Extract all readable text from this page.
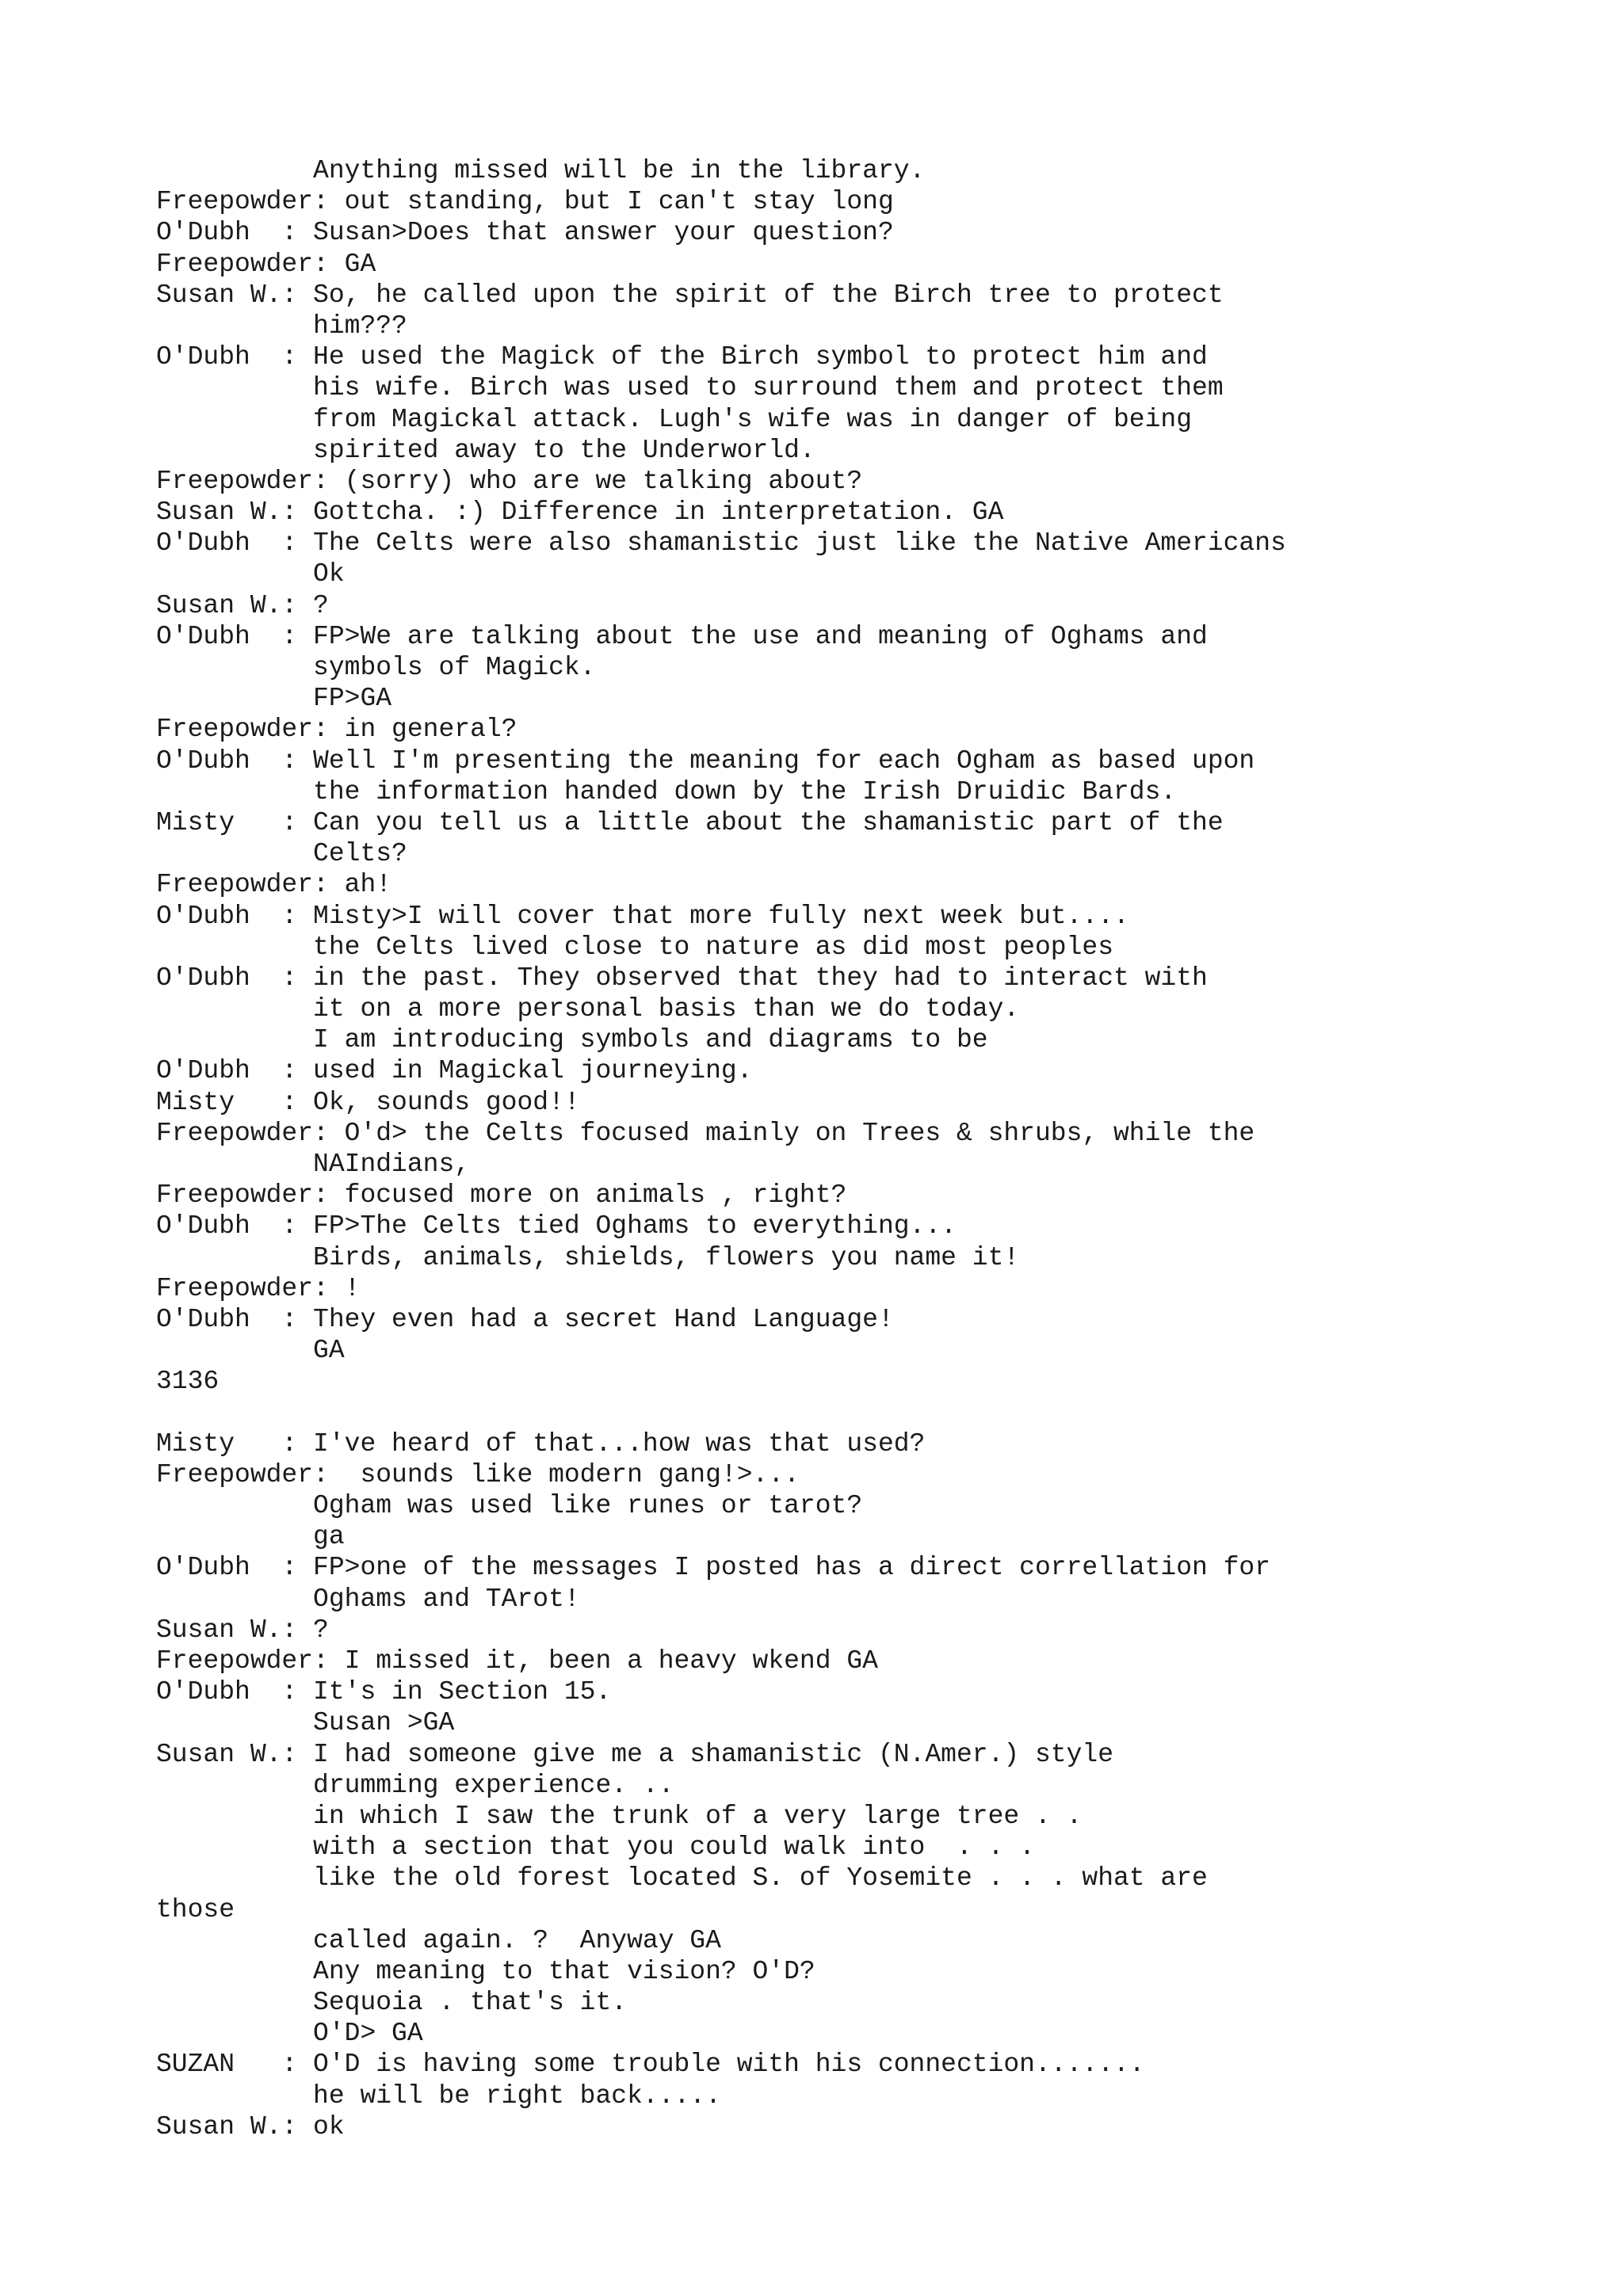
Anything missed will be in the library.
Freepowder: out standing, but I can't stay long
O'Dubh  : Susan>Does that answer your question?
Freepowder: GA
Susan W.: So, he called upon the spirit of the Birch tree to protect
him???
O'Dubh  : He used the Magick of the Birch symbol to protect him and
his wife. Birch was used to surround them and protect them
from Magickal attack. Lugh's wife was in danger of being
spirited away to the Underworld.
Freepowder: (sorry) who are we talking about?
Susan W.: Gottcha. :) Difference in interpretation. GA
O'Dubh  : The Celts were also shamanistic just like the Native Americans
Ok
Susan W.: ?
O'Dubh  : FP>We are talking about the use and meaning of Oghams and
symbols of Magick.
FP>GA
Freepowder: in general?
O'Dubh  : Well I'm presenting the meaning for each Ogham as based upon
the information handed down by the Irish Druidic Bards.
Misty   : Can you tell us a little about the shamanistic part of the
Celts?
Freepowder: ah!
O'Dubh  : Misty>I will cover that more fully next week but....
the Celts lived close to nature as did most peoples
O'Dubh  : in the past. They observed that they had to interact with
it on a more personal basis than we do today.
I am introducing symbols and diagrams to be
O'Dubh  : used in Magickal journeying.
Misty   : Ok, sounds good!!
Freepowder: O'd> the Celts focused mainly on Trees & shrubs, while the
NAIndians,
Freepowder: focused more on animals , right?
O'Dubh  : FP>The Celts tied Oghams to everything...
Birds, animals, shields, flowers you name it!
Freepowder: !
O'Dubh  : They even had a secret Hand Language!
GA
3136
Misty   : I've heard of that...how was that used?
Freepowder:  sounds like modern gang!>...
Ogham was used like runes or tarot?
ga
O'Dubh  : FP>one of the messages I posted has a direct correllation for
Oghams and TArot!
Susan W.: ?
Freepowder: I missed it, been a heavy wkend GA
O'Dubh  : It's in Section 15.
Susan >GA
Susan W.: I had someone give me a shamanistic (N.Amer.) style
drumming experience. ..
in which I saw the trunk of a very large tree . .
with a section that you could walk into  . . .
like the old forest located S. of Yosemite . . . what are
those
called again. ?  Anyway GA
Any meaning to that vision? O'D?
Sequoia . that's it.
O'D> GA
SUZAN   : O'D is having some trouble with his connection.......
he will be right back.....
Susan W.: ok
